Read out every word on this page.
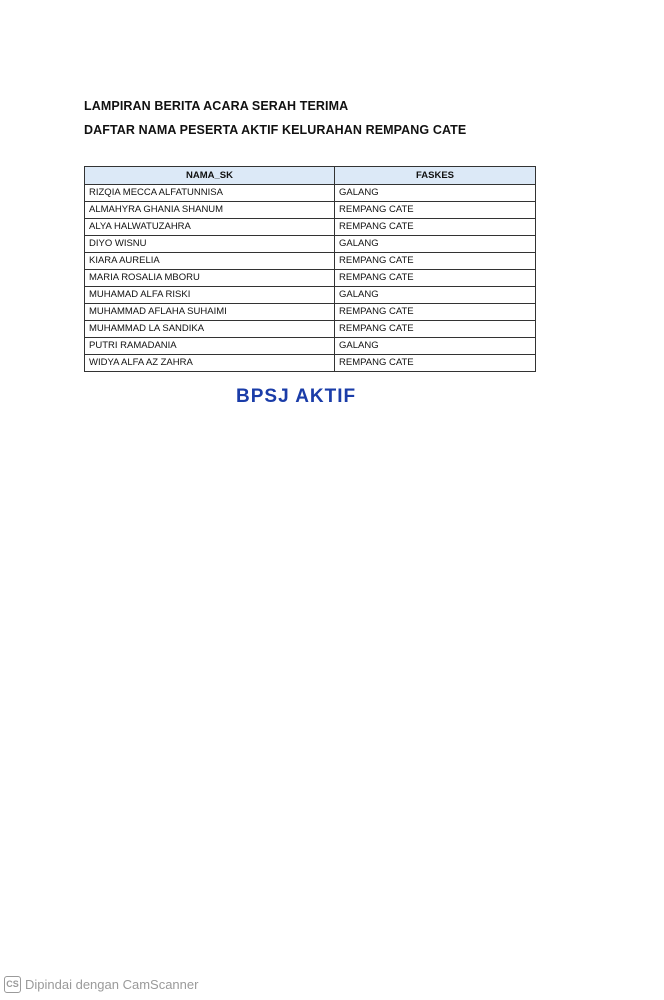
LAMPIRAN BERITA ACARA SERAH TERIMA
DAFTAR NAMA PESERTA AKTIF KELURAHAN REMPANG CATE
NAMA_SK	FASKES
RIZQIA MECCA ALFATUNNISA	GALANG
ALMAHYRA GHANIA SHANUM	REMPANG CATE
ALYA HALWATUZAHRA	REMPANG CATE
DIYO WISNU	GALANG
KIARA AURELIA	REMPANG CATE
MARIA ROSALIA MBORU	REMPANG CATE
MUHAMAD ALFA RISKI	GALANG
MUHAMMAD AFLAHA SUHAIMI	REMPANG CATE
MUHAMMAD LA SANDIKA	REMPANG CATE
PUTRI RAMADANIA	GALANG
WIDYA ALFA AZ ZAHRA	REMPANG CATE
BPSJ AKTIF
CS Dipindai dengan CamScanner
